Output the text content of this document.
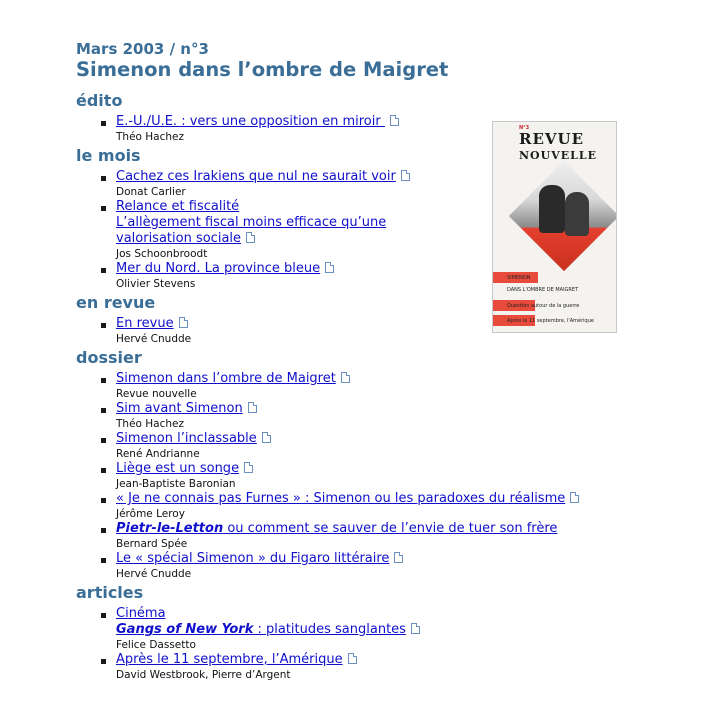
Mars 2003 / n°3
Simenon dans l’ombre de Maigret
édito
E.-U./U.E. : vers une opposition en miroir
Théo Hachez
le mois
Cachez ces Irakiens que nul ne saurait voir
Donat Carlier
Relance et fiscalité
L’allègement fiscal moins efficace qu’une
valorisation sociale
Jos Schoonbroodt
Mer du Nord. La province bleue
Olivier Stevens
en revue
En revue
Hervé Cnudde
dossier
Simenon dans l’ombre de Maigret
Revue nouvelle
Sim avant Simenon
Théo Hachez
Simenon l’inclassable
René Andrianne
Liège est un songe
Jean-Baptiste Baronian
« Je ne connais pas Furnes » : Simenon ou les paradoxes du réalisme
Jérôme Leroy
Pietr-le-Letton ou comment se sauver de l’envie de tuer son frère
Bernard Spée
Le « spécial Simenon » du Figaro littéraire
Hervé Cnudde
articles
Cinéma
Gangs of New York : platitudes sanglantes
Felice Dassetto
Après le 11 septembre, l’Amérique
David Westbrook, Pierre d’Argent
N°3
REVUE
NOUVELLE
SIMENON
DANS L'OMBRE DE MAIGRET
Question autour de la guerre
Après le 11 septembre, l'Amérique
